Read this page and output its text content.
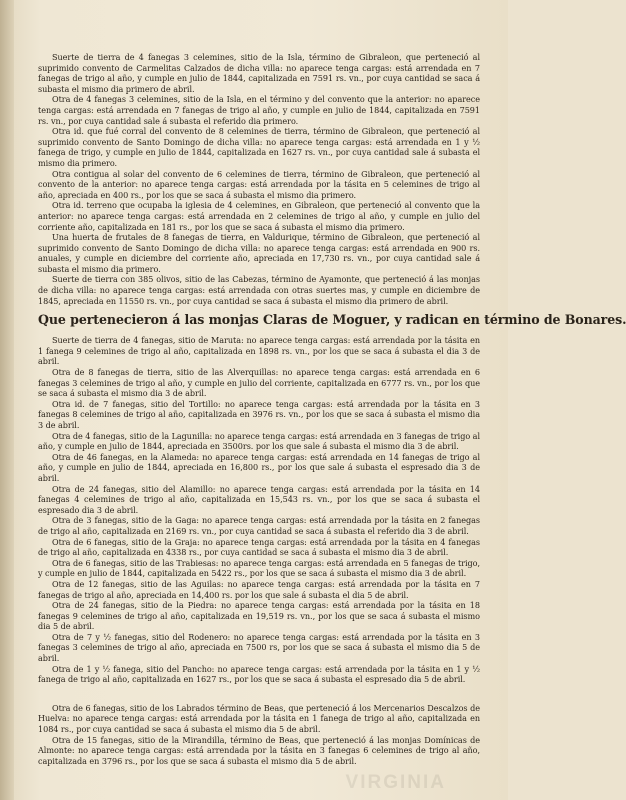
Suerte de tierra de 4 fanegas 3 celemines, sitio de la Isla, término de Gibraleon, que perteneció al suprimido convento de Carmelitas Calzados de dicha villa: no aparece tenga cargas: está arrendada en 7 fanegas de trigo al año, y cumple en julio de 1844, capitalizada en 7591 rs. vn., por cuya cantidad se saca á subasta el mismo dia primero de abril.

Otra de 4 fanegas 3 celemines, sitio de la Isla, en el término y del convento que la anterior: no aparece tenga cargas: está arrendada en 7 fanegas de trigo al año, y cumple en julio de 1844, capitalizada en 7591 rs. vn., por cuya cantidad sale á subasta el referido dia primero.

Otra id. que fué corral del convento de 8 celemines de tierra, término de Gibraleon, que perteneció al suprimido convento de Santo Domingo de dicha villa: no aparece tenga cargas: está arrendada en 1 y ½ fanega de trigo, y cumple en julio de 1844, capitalizada en 1627 rs. vn., por cuya cantidad sale á subasta el mismo dia primero.

Otra contigua al solar del convento de 6 celemines de tierra, término de Gibraleon, que perteneció al convento de la anterior: no aparece tenga cargas: está arrendada por la tásita en 5 celemines de trigo al año, apreciada en 400 rs., por los que se saca á subasta el mismo dia primero.

Otra id. terreno que ocupaba la iglesia de 4 celemines, en Gibraleon, que perteneció al convento que la anterior: no aparece tenga cargas: está arrendada en 2 celemines de trigo al año, y cumple en julio del corriente año, capitalizada en 181 rs., por los que se saca á subasta el mismo dia primero.

Una huerta de frutales de 8 fanegas de tierra, en Valdurique, término de Gibraleon, que perteneció al suprimido convento de Santo Domingo de dicha villa: no aparece tenga cargas: está arrendada en 900 rs. anuales, y cumple en diciembre del corriente año, apreciada en 17,730 rs. vn., por cuya cantidad sale á subasta el mismo dia primero.

Suerte de tierra con 385 olivos, sitio de las Cabezas, término de Ayamonte, que perteneció á las monjas de dicha villa: no aparece tenga cargas: está arrendada con otras suertes mas, y cumple en diciembre de 1845, apreciada en 11550 rs. vn., por cuya cantidad se saca á subasta el mismo dia primero de abril.

Que pertenecieron á las monjas Claras de Moguer, y radican en término de Bonares.

Suerte de tierra de 4 fanegas, sitio de Maruta: no aparece tenga cargas: está arrendada por la tásita en 1 fanega 9 celemines de trigo al año, capitalizada en 1898 rs. vn., por los que se saca á subasta el dia 3 de abril.

Otra de 8 fanegas de tierra, sitio de las Alverquillas: no aparece tenga cargas: está arrendada en 6 fanegas 3 celemines de trigo al año, y cumple en julio del corriente, capitalizada en 6777 rs. vn., por los que se saca á subasta el mismo dia 3 de abril.

Otra id. de 7 fanegas, sitio del Tortillo: no aparece tenga cargas: está arrendada por la tásita en 3 fanegas 8 celemines de trigo al año, capitalizada en 3976 rs. vn., por los que se saca á subasta el mismo dia 3 de abril.

Otra de 4 fanegas, sitio de la Lagunilla: no aparece tenga cargas: está arrendada en 3 fanegas de trigo al año, y cumple en julio de 1844, apreciada en 3500rs. por los que sale á subasta el mismo dia 3 de abril.

Otra de 46 fanegas, en la Alameda: no aparece tenga cargas: está arrendada en 14 fanegas de trigo al año, y cumple en julio de 1844, apreciada en 16,800 rs., por los que sale á subasta el espresado dia 3 de abril.

Otra de 24 fanegas, sitio del Alamillo: no aparece tenga cargas: está arrendada por la tásita en 14 fanegas 4 celemines de trigo al año, capitalizada en 15,543 rs. vn., por los que se saca á subasta el espresado dia 3 de abril.

Otra de 3 fanegas, sitio de la Gaga: no aparece tenga cargas: está arrendada por la tásita en 2 fanegas de trigo al año, capitalizada en 2169 rs. vn., por cuya cantidad se saca á subasta el referido dia 3 de abril.

Otra de 6 fanegas, sitio de la Graja: no aparece tenga cargas: está arrendada por la tásita en 4 fanegas de trigo al año, capitalizada en 4338 rs., por cuya cantidad se saca á subasta el mismo dia 3 de abril.

Otra de 6 fanegas, sitio de las Trabiesas: no aparece tenga cargas: está arrendada en 5 fanegas de trigo, y cumple en julio de 1844, capitalizada en 5422 rs., por los que se saca á subasta el mismo dia 3 de abril.

Otra de 12 fanegas, sitio de las Aguilas: no aparece tenga cargas: está arrendada por la tásita en 7 fanegas de trigo al año, apreciada en 14,400 rs. por los que sale á subasta el dia 5 de abril.

Otra de 24 fanegas, sitio de la Piedra: no aparece tenga cargas: está arrendada por la tásita en 18 fanegas 9 celemines de trigo al año, capitalizada en 19,519 rs. vn., por los que se saca á subasta el mismo dia 5 de abril.

Otra de 7 y ½ fanegas, sitio del Rodenero: no aparece tenga cargas: está arrendada por la tásita en 3 fanegas 3 celemines de trigo al año, apreciada en 7500 rs, por los que se saca á subasta el mismo dia 5 de abril.

Otra de 1 y ½ fanega, sitio del Pancho: no aparece tenga cargas: está arrendada por la tásita en 1 y ½ fanega de trigo al año, capitalizada en 1627 rs., por los que se saca á subasta el espresado dia 5 de abril.

Otra de 6 fanegas, sitio de los Labrados término de Beas, que perteneció á los Mercenarios Descalzos de Huelva: no aparece tenga cargas: está arrendada por la tásita en 1 fanega de trigo al año, capitalizada en 1084 rs., por cuya cantidad se saca á subasta el mismo dia 5 de abril.

Otra de 15 fanegas, sitio de la Mirandilla, término de Beas, que perteneció á las monjas Domínicas de Almonte: no aparece tenga cargas: está arrendada por la tásita en 3 fanegas 6 celemines de trigo al año, capitalizada en 3796 rs., por los que se saca á subasta el mismo dia 5 de abril.

VIRGINIA
